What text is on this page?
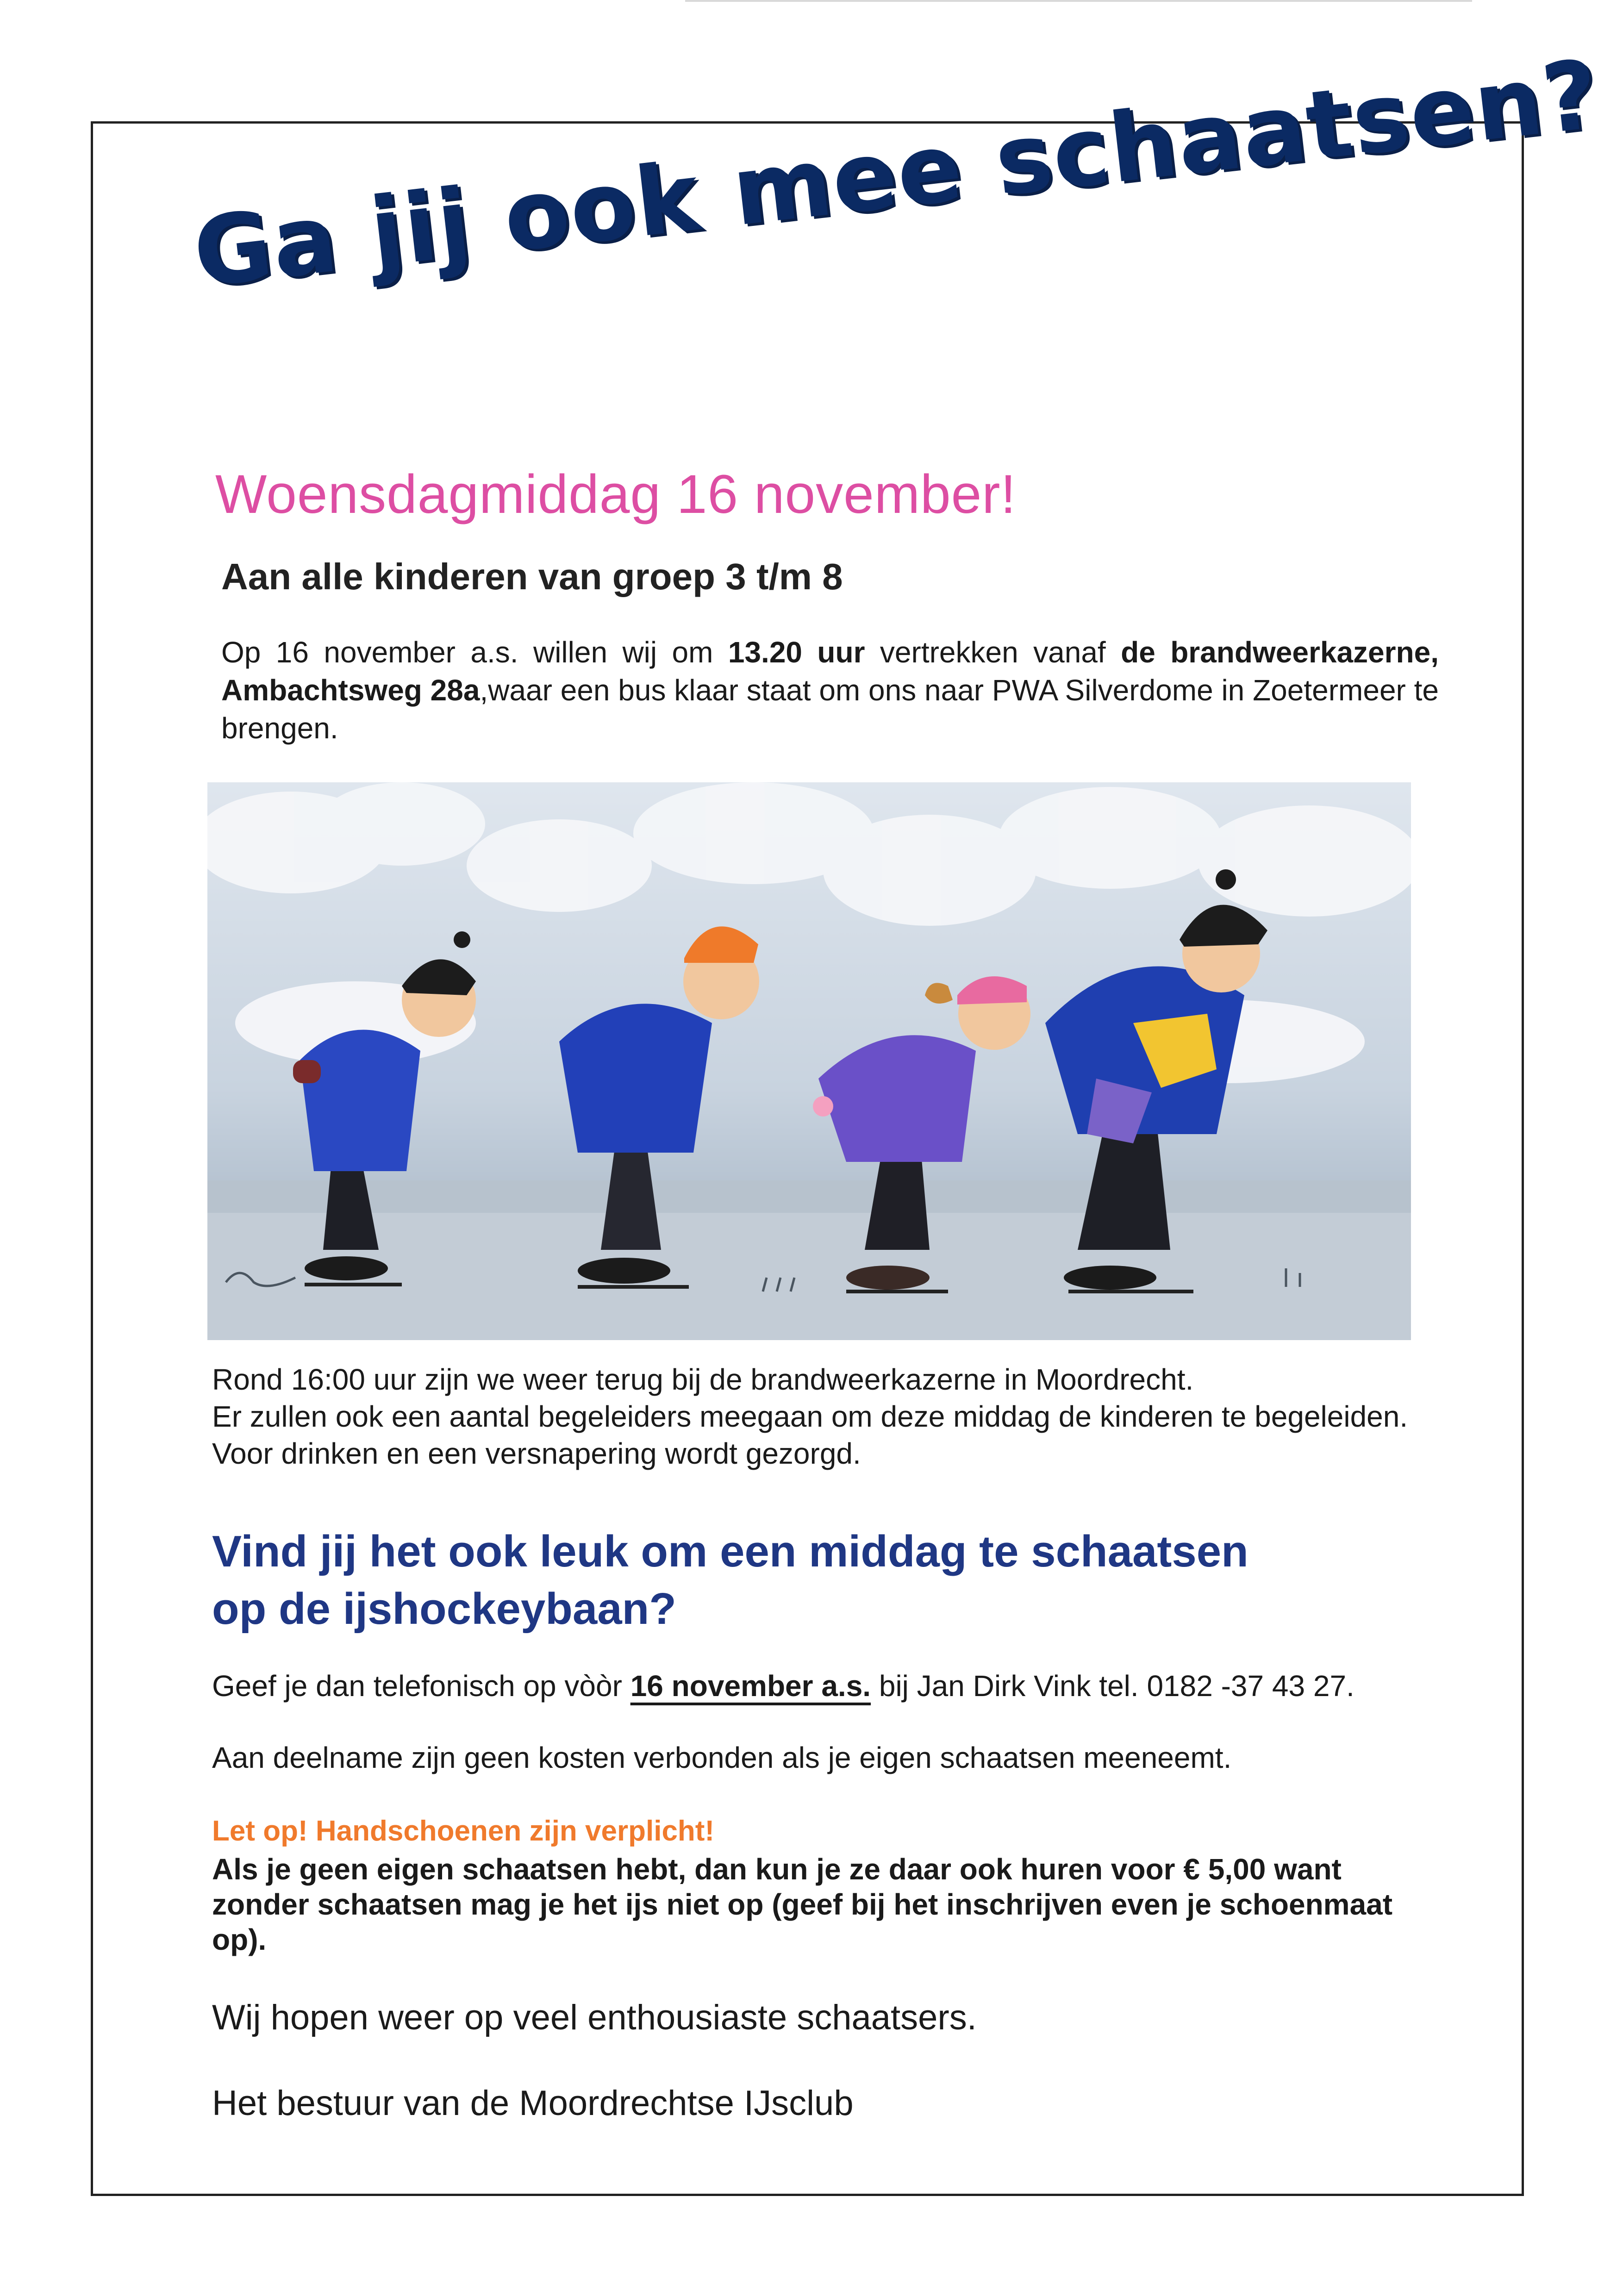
Ga jij ook mee schaatsen?
Woensdagmiddag 16 november!
Aan alle kinderen van groep 3 t/m 8
Op 16 november a.s. willen wij om 13.20 uur vertrekken vanaf de brandweerkazerne, Ambachtsweg 28a,waar een bus klaar staat om ons naar PWA Silverdome in Zoetermeer te brengen.
Rond 16:00 uur zijn we weer terug bij de brandweerkazerne in Moordrecht.
Er zullen ook een aantal begeleiders meegaan om deze middag de kinderen te begeleiden. Voor drinken en een versnapering wordt gezorgd.
Vind jij het ook leuk om een middag te schaatsen
op de ijshockeybaan?
Geef je dan telefonisch op vòòr 16 november a.s. bij Jan Dirk Vink tel. 0182 -37 43 27.
Aan deelname zijn geen kosten verbonden als je eigen schaatsen meeneemt.
Let op! Handschoenen zijn verplicht!
Als je geen eigen schaatsen hebt, dan kun je ze daar ook huren voor € 5,00 want zonder schaatsen mag je het ijs niet op (geef bij het inschrijven even je schoenmaat op).
Wij hopen weer op veel enthousiaste schaatsers.
Het bestuur van de Moordrechtse IJsclub
